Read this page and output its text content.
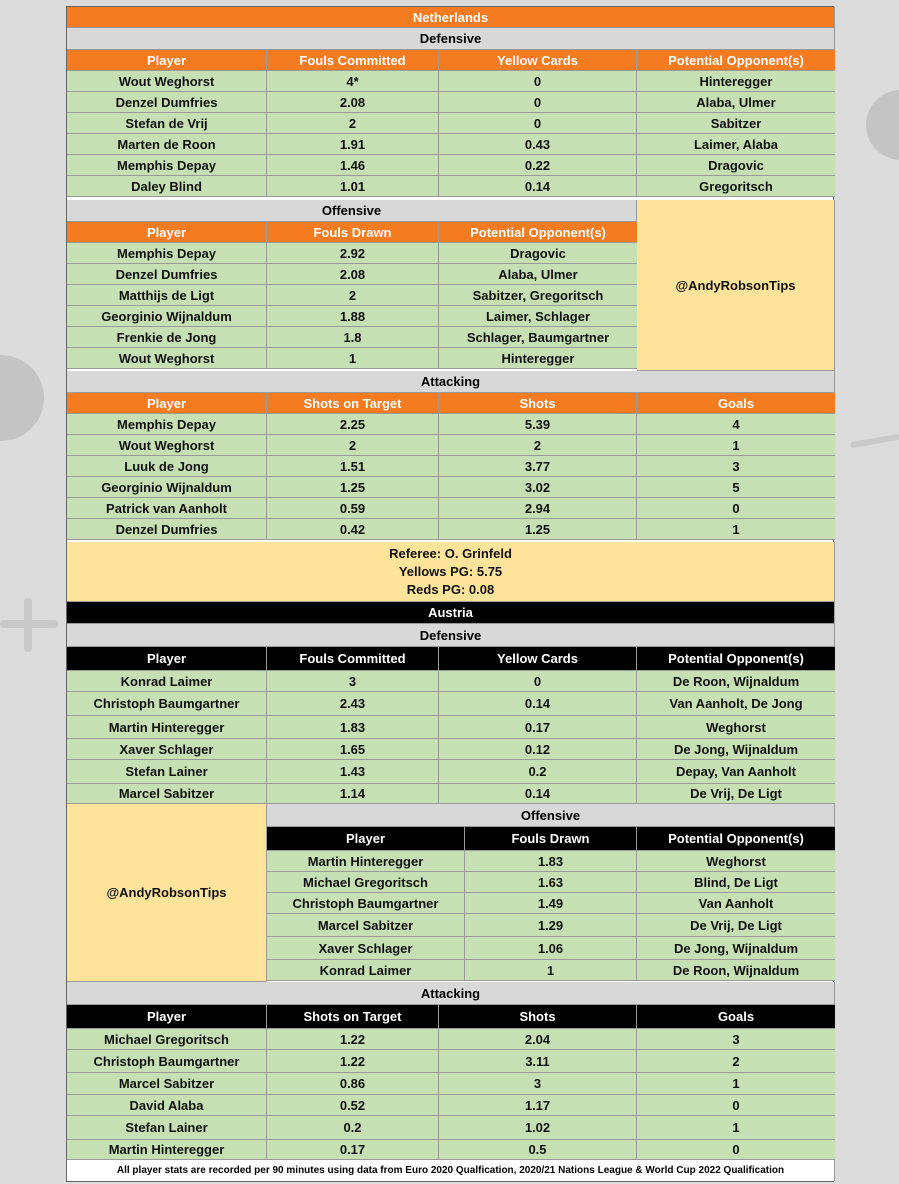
Netherlands
Defensive
Player	Fouls Committed	Yellow Cards	Potential Opponent(s)
Wout Weghorst	4*	0	Hinteregger
Denzel Dumfries	2.08	0	Alaba, Ulmer
Stefan de Vrij	2	0	Sabitzer
Marten de Roon	1.91	0.43	Laimer, Alaba
Memphis Depay	1.46	0.22	Dragovic
Daley Blind	1.01	0.14	Gregoritsch
Offensive
@AndyRobsonTips
Player	Fouls Drawn	Potential Opponent(s)
Memphis Depay	2.92	Dragovic
Denzel Dumfries	2.08	Alaba, Ulmer
Matthijs de Ligt	2	Sabitzer, Gregoritsch
Georginio Wijnaldum	1.88	Laimer, Schlager
Frenkie de Jong	1.8	Schlager, Baumgartner
Wout Weghorst	1	Hinteregger
Attacking
Player	Shots on Target	Shots	Goals
Memphis Depay	2.25	5.39	4
Wout Weghorst	2	2	1
Luuk de Jong	1.51	3.77	3
Georginio Wijnaldum	1.25	3.02	5
Patrick van Aanholt	0.59	2.94	0
Denzel Dumfries	0.42	1.25	1
Referee: O. Grinfeld
Yellows PG: 5.75
Reds PG: 0.08
Austria
Defensive
Player	Fouls Committed	Yellow Cards	Potential Opponent(s)
Konrad Laimer	3	0	De Roon, Wijnaldum
Christoph Baumgartner	2.43	0.14	Van Aanholt, De Jong
Martin Hinteregger	1.83	0.17	Weghorst
Xaver Schlager	1.65	0.12	De Jong, Wijnaldum
Stefan Lainer	1.43	0.2	Depay, Van Aanholt
Marcel Sabitzer	1.14	0.14	De Vrij, De Ligt
@AndyRobsonTips
Offensive
Player	Fouls Drawn	Potential Opponent(s)
Martin Hinteregger	1.83	Weghorst
Michael Gregoritsch	1.63	Blind, De Ligt
Christoph Baumgartner	1.49	Van Aanholt
Marcel Sabitzer	1.29	De Vrij, De Ligt
Xaver Schlager	1.06	De Jong, Wijnaldum
Konrad Laimer	1	De Roon, Wijnaldum
Attacking
Player	Shots on Target	Shots	Goals
Michael Gregoritsch	1.22	2.04	3
Christoph Baumgartner	1.22	3.11	2
Marcel Sabitzer	0.86	3	1
David Alaba	0.52	1.17	0
Stefan Lainer	0.2	1.02	1
Martin Hinteregger	0.17	0.5	0
All player stats are recorded per 90 minutes using data from Euro 2020 Qualfication, 2020/21 Nations League & World Cup 2022 Qualification
